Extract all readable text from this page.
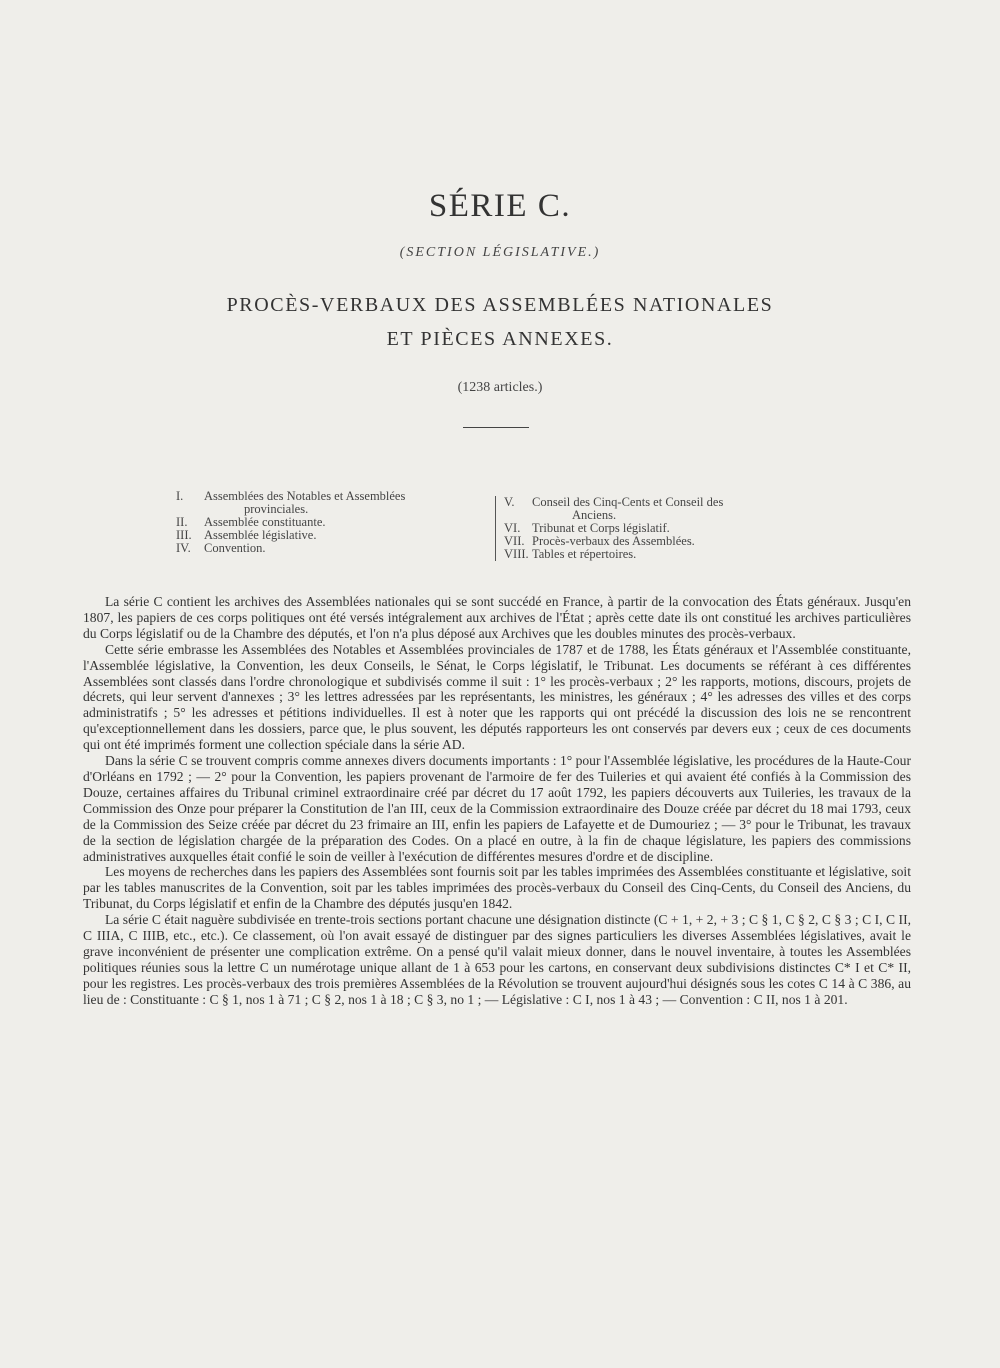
SÉRIE C.
(SECTION LÉGISLATIVE.)
PROCÈS-VERBAUX DES ASSEMBLÉES NATIONALES
ET PIÈCES ANNEXES.
(1238 articles.)
I.	Assemblées des Notables et Assemblées
provinciales.
II.	Assemblée constituante.
III. Assemblée législative.
IV.	Convention.
V.	Conseil des Cinq-Cents et Conseil des
Anciens.
VI. Tribunat et Corps législatif.
VII. Procès-verbaux des Assemblées.
VIII. Tables et répertoires.

La série C contient les archives des Assemblées nationales qui se sont succédé en France, à partir de la convocation des États généraux. Jusqu'en 1807, les papiers de ces corps politiques ont été versés intégralement aux archives de l'État ; après cette date ils ont constitué les archives particulières du Corps législatif ou de la Chambre des députés, et l'on n'a plus déposé aux Archives que les doubles minutes des procès-verbaux.

Cette série embrasse les Assemblées des Notables et Assemblées provinciales de 1787 et de 1788, les États généraux et l'Assemblée constituante, l'Assemblée législative, la Convention, les deux Conseils, le Sénat, le Corps législatif, le Tribunat. Les documents se référant à ces différentes Assemblées sont classés dans l'ordre chronologique et subdivisés comme il suit : 1° les procès-verbaux ; 2° les rapports, motions, discours, projets de décrets, qui leur servent d'annexes ; 3° les lettres adressées par les représentants, les ministres, les généraux ; 4° les adresses des villes et des corps administratifs ; 5° les adresses et pétitions individuelles. Il est à noter que les rapports qui ont précédé la discussion des lois ne se rencontrent qu'exceptionnellement dans les dossiers, parce que, le plus souvent, les députés rapporteurs les ont conservés par devers eux ; ceux de ces documents qui ont été imprimés forment une collection spéciale dans la série AD.

Dans la série C se trouvent compris comme annexes divers documents importants : 1° pour l'Assemblée législative, les procédures de la Haute-Cour d'Orléans en 1792 ; — 2° pour la Convention, les papiers provenant de l'armoire de fer des Tuileries et qui avaient été confiés à la Commission des Douze, certaines affaires du Tribunal criminel extraordinaire créé par décret du 17 août 1792, les papiers découverts aux Tuileries, les travaux de la Commission des Onze pour préparer la Constitution de l'an III, ceux de la Commission extraordinaire des Douze créée par décret du 18 mai 1793, ceux de la Commission des Seize créée par décret du 23 frimaire an III, enfin les papiers de Lafayette et de Dumouriez ; — 3° pour le Tribunat, les travaux de la section de législation chargée de la préparation des Codes. On a placé en outre, à la fin de chaque législature, les papiers des commissions administratives auxquelles était confié le soin de veiller à l'exécution de différentes mesures d'ordre et de discipline.

Les moyens de recherches dans les papiers des Assemblées sont fournis soit par les tables imprimées des Assemblées constituante et législative, soit par les tables manuscrites de la Convention, soit par les tables imprimées des procès-verbaux du Conseil des Cinq-Cents, du Conseil des Anciens, du Tribunat, du Corps législatif et enfin de la Chambre des députés jusqu'en 1842.

La série C était naguère subdivisée en trente-trois sections portant chacune une désignation distincte (C + 1, + 2, + 3 ; C § 1, C § 2, C § 3 ; C I, C II, C IIIA, C IIIB, etc., etc.). Ce classement, où l'on avait essayé de distinguer par des signes particuliers les diverses Assemblées législatives, avait le grave inconvénient de présenter une complication extrême. On a pensé qu'il valait mieux donner, dans le nouvel inventaire, à toutes les Assemblées politiques réunies sous la lettre C un numérotage unique allant de 1 à 653 pour les cartons, en conservant deux subdivisions distinctes C* I et C* II, pour les registres. Les procès-verbaux des trois premières Assemblées de la Révolution se trouvent aujourd'hui désignés sous les cotes C 14 à C 386, au lieu de : Constituante : C § 1, nos 1 à 71 ; C § 2, nos 1 à 18 ; C § 3, no 1 ; — Législative : C I, nos 1 à 43 ; — Convention : C II, nos 1 à 201.
